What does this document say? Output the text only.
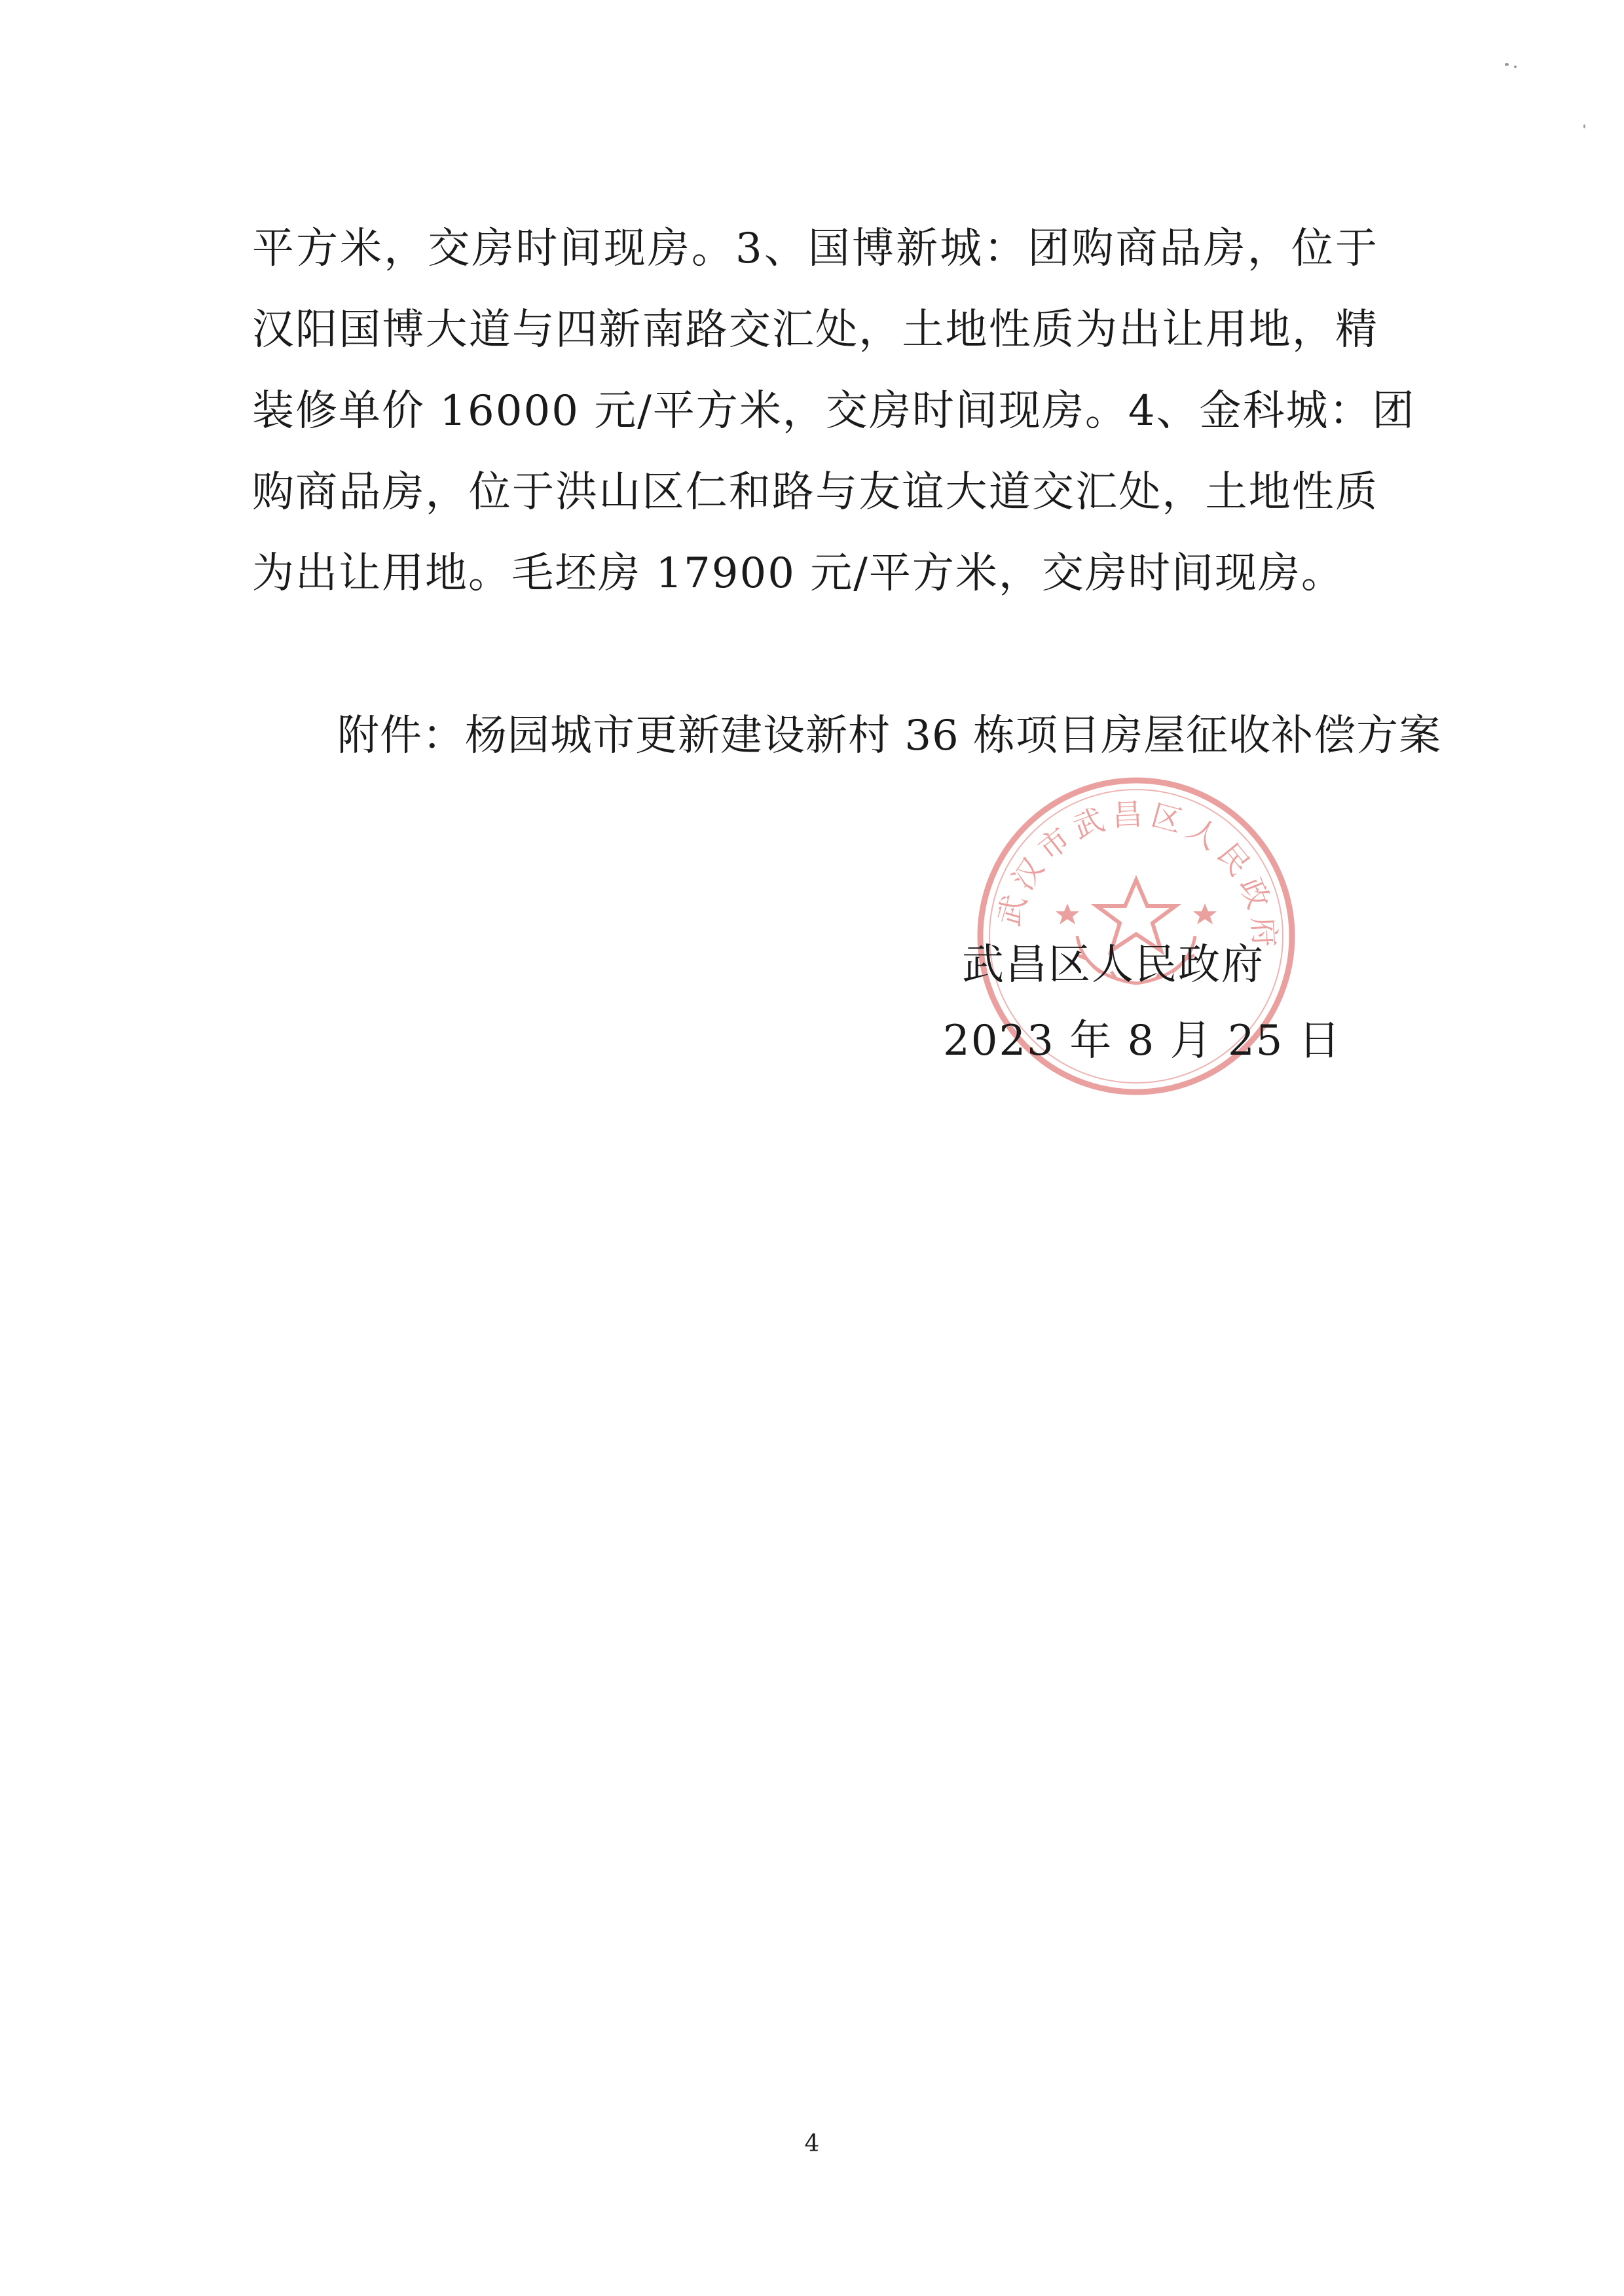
平方米，交房时间现房。3、国博新城：团购商品房，位于
汉阳国博大道与四新南路交汇处，土地性质为出让用地，精
装修单价 16000 元/平方米，交房时间现房。4、金科城：团
购商品房，位于洪山区仁和路与友谊大道交汇处，土地性质
为出让用地。毛坯房 17900 元/平方米，交房时间现房。
附件：杨园城市更新建设新村 36 栋项目房屋征收补偿方案
武汉市武昌区人民政府
武昌区人民政府
2023 年 8 月 25 日
4
